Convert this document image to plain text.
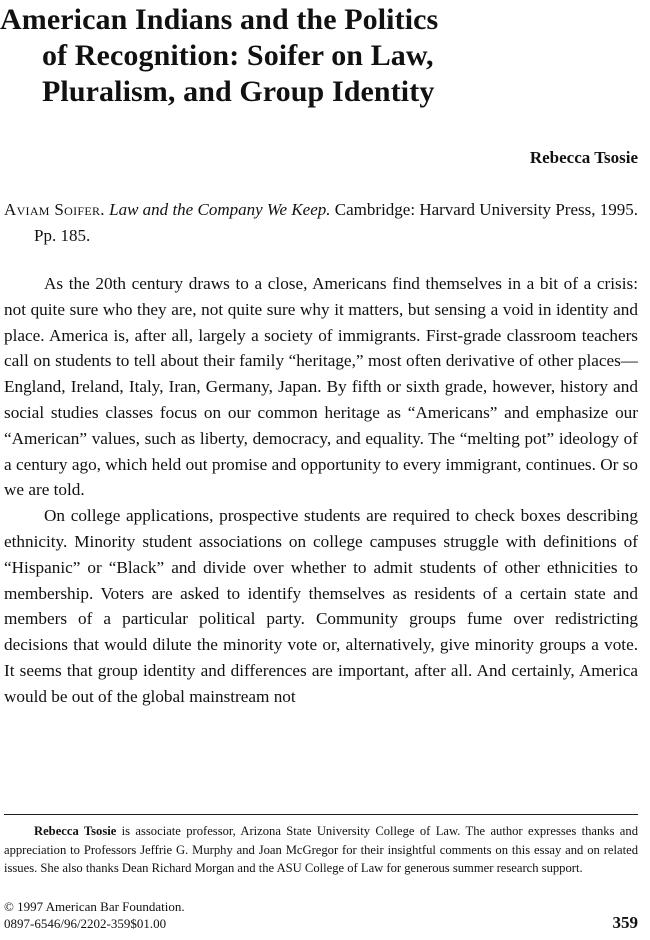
American Indians and the Politics
of Recognition: Soifer on Law,
Pluralism, and Group Identity
Rebecca Tsosie
Aviam Soifer. Law and the Company We Keep. Cambridge: Harvard University Press, 1995. Pp. 185.

As the 20th century draws to a close, Americans find themselves in a bit of a crisis: not quite sure who they are, not quite sure why it matters, but sensing a void in identity and place. America is, after all, largely a society of immigrants. First-grade classroom teachers call on students to tell about their family “heritage,” most often derivative of other places—England, Ireland, Italy, Iran, Germany, Japan. By fifth or sixth grade, however, history and social studies classes focus on our common heritage as “Americans” and emphasize our “American” values, such as liberty, democracy, and equality. The “melting pot” ideology of a century ago, which held out promise and opportunity to every immigrant, continues. Or so we are told.

On college applications, prospective students are required to check boxes describing ethnicity. Minority student associations on college campuses struggle with definitions of “Hispanic” or “Black” and divide over whether to admit students of other ethnicities to membership. Voters are asked to identify themselves as residents of a certain state and members of a particular political party. Community groups fume over redistricting decisions that would dilute the minority vote or, alternatively, give minority groups a vote. It seems that group identity and differences are important, after all. And certainly, America would be out of the global mainstream not

Rebecca Tsosie is associate professor, Arizona State University College of Law. The author expresses thanks and appreciation to Professors Jeffrie G. Murphy and Joan McGregor for their insightful comments on this essay and on related issues. She also thanks Dean Richard Morgan and the ASU College of Law for generous summer research support.

© 1997 American Bar Foundation.
0897-6546/96/2202-359$01.00	359
